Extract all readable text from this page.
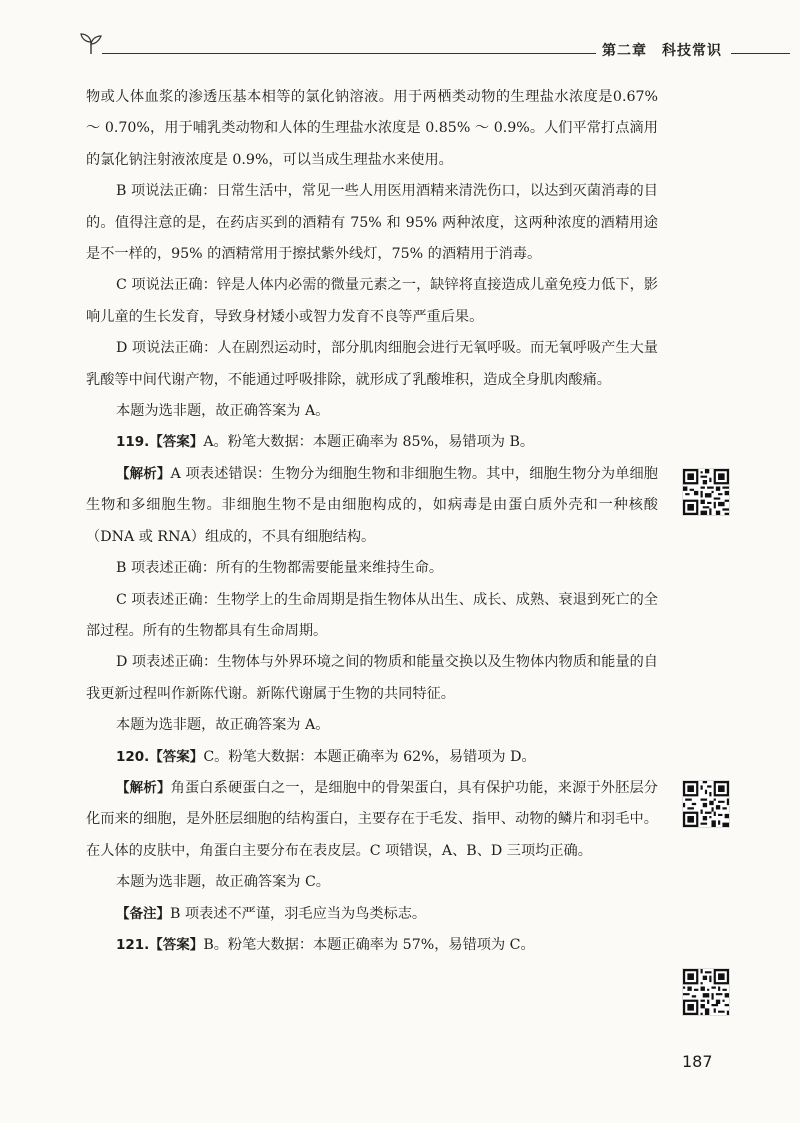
第二章　科技常识

物或人体血浆的渗透压基本相等的氯化钠溶液。用于两栖类动物的生理盐水浓度是0.67% ～ 0.70%，用于哺乳类动物和人体的生理盐水浓度是 0.85% ～ 0.9%。人们平常打点滴用的氯化钠注射液浓度是 0.9%，可以当成生理盐水来使用。

B 项说法正确：日常生活中，常见一些人用医用酒精来清洗伤口，以达到灭菌消毒的目的。值得注意的是，在药店买到的酒精有 75% 和 95% 两种浓度，这两种浓度的酒精用途是不一样的，95% 的酒精常用于擦拭紫外线灯，75% 的酒精用于消毒。

C 项说法正确：锌是人体内必需的微量元素之一，缺锌将直接造成儿童免疫力低下，影响儿童的生长发育，导致身材矮小或智力发育不良等严重后果。

D 项说法正确：人在剧烈运动时，部分肌肉细胞会进行无氧呼吸。而无氧呼吸产生大量乳酸等中间代谢产物，不能通过呼吸排除，就形成了乳酸堆积，造成全身肌肉酸痛。

本题为选非题，故正确答案为 A。

119.【答案】A。粉笔大数据：本题正确率为 85%，易错项为 B。

【解析】A 项表述错误：生物分为细胞生物和非细胞生物。其中，细胞生物分为单细胞生物和多细胞生物。非细胞生物不是由细胞构成的，如病毒是由蛋白质外壳和一种核酸（DNA 或 RNA）组成的，不具有细胞结构。

B 项表述正确：所有的生物都需要能量来维持生命。

C 项表述正确：生物学上的生命周期是指生物体从出生、成长、成熟、衰退到死亡的全部过程。所有的生物都具有生命周期。

D 项表述正确：生物体与外界环境之间的物质和能量交换以及生物体内物质和能量的自我更新过程叫作新陈代谢。新陈代谢属于生物的共同特征。

本题为选非题，故正确答案为 A。

120.【答案】C。粉笔大数据：本题正确率为 62%，易错项为 D。

【解析】角蛋白系硬蛋白之一，是细胞中的骨架蛋白，具有保护功能，来源于外胚层分化而来的细胞，是外胚层细胞的结构蛋白，主要存在于毛发、指甲、动物的鳞片和羽毛中。在人体的皮肤中，角蛋白主要分布在表皮层。C 项错误，A、B、D 三项均正确。

本题为选非题，故正确答案为 C。

【备注】B 项表述不严谨，羽毛应当为鸟类标志。

121.【答案】B。粉笔大数据：本题正确率为 57%，易错项为 C。

187
